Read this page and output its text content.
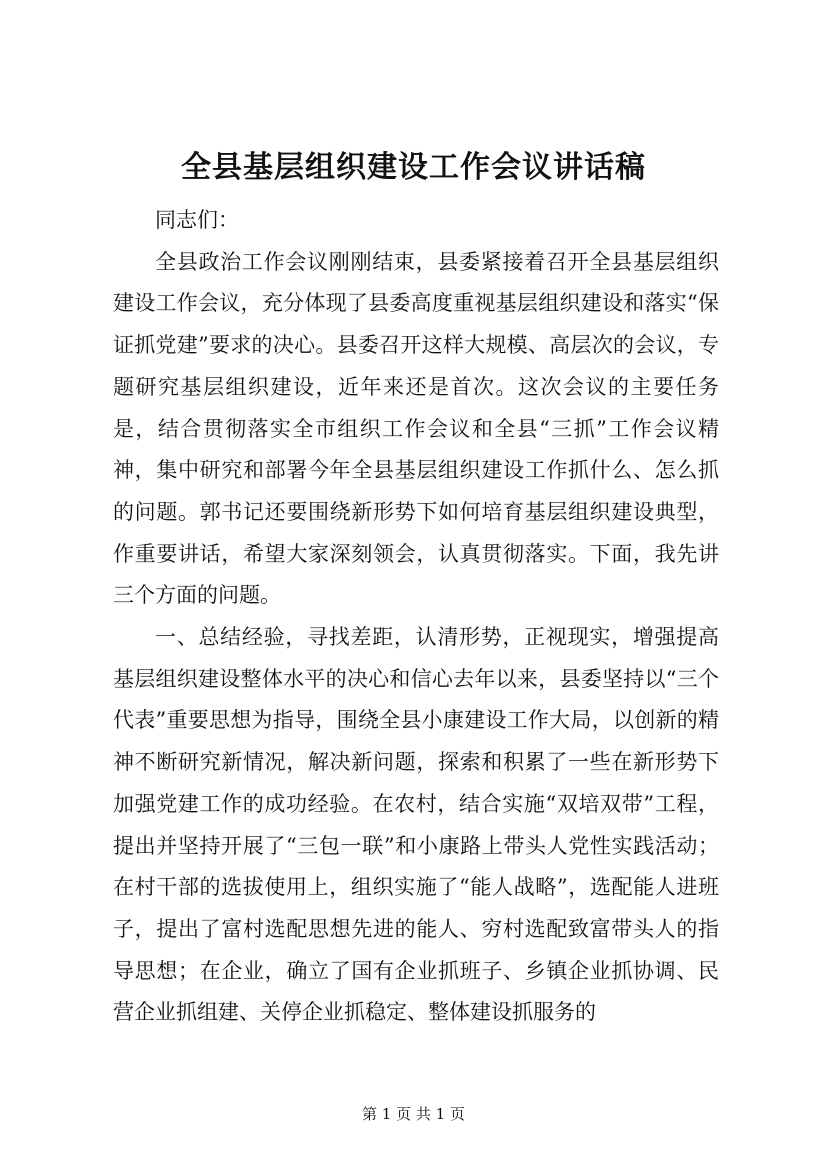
全县基层组织建设工作会议讲话稿

同志们：

全县政治工作会议刚刚结束，县委紧接着召开全县基层组织建设工作会议，充分体现了县委高度重视基层组织建设和落实“保证抓党建”要求的决心。县委召开这样大规模、高层次的会议，专题研究基层组织建设，近年来还是首次。这次会议的主要任务是，结合贯彻落实全市组织工作会议和全县“三抓”工作会议精神，集中研究和部署今年全县基层组织建设工作抓什么、怎么抓的问题。郭书记还要围绕新形势下如何培育基层组织建设典型，作重要讲话，希望大家深刻领会，认真贯彻落实。下面，我先讲三个方面的问题。

一、总结经验，寻找差距，认清形势，正视现实，增强提高基层组织建设整体水平的决心和信心去年以来，县委坚持以“三个代表”重要思想为指导，围绕全县小康建设工作大局，以创新的精神不断研究新情况，解决新问题，探索和积累了一些在新形势下加强党建工作的成功经验。在农村，结合实施“双培双带”工程，提出并坚持开展了“三包一联”和小康路上带头人党性实践活动；在村干部的选拔使用上，组织实施了“能人战略”，选配能人进班子，提出了富村选配思想先进的能人、穷村选配致富带头人的指导思想；在企业，确立了国有企业抓班子、乡镇企业抓协调、民营企业抓组建、关停企业抓稳定、整体建设抓服务的

第 1 页 共 1 页
